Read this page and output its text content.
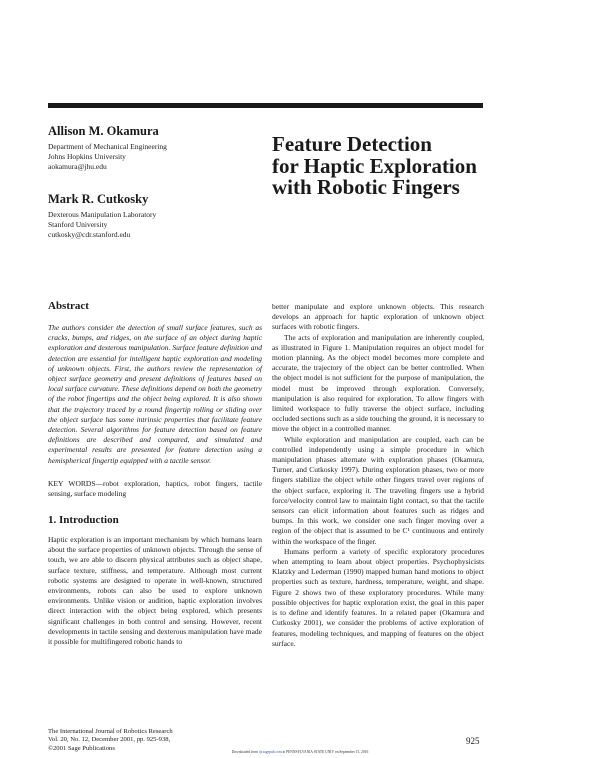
Allison M. Okamura
Department of Mechanical Engineering
Johns Hopkins University
aokamura@jhu.edu
Mark R. Cutkosky
Dexterous Manipulation Laboratory
Stanford University
cutkosky@cdr.stanford.edu
Feature Detection
for Haptic Exploration
with Robotic Fingers
Abstract
The authors consider the detection of small surface features, such as cracks, bumps, and ridges, on the surface of an object during haptic exploration and dexterous manipulation. Surface feature definition and detection are essential for intelligent haptic exploration and modeling of unknown objects. First, the authors review the representation of object surface geometry and present definitions of features based on local surface curvature. These definitions depend on both the geometry of the robot fingertips and the object being explored. It is also shown that the trajectory traced by a round fingertip rolling or sliding over the object surface has some intrinsic properties that facilitate feature detection. Several algorithms for feature detection based on feature definitions are described and compared, and simulated and experimental results are presented for feature detection using a hemispherical fingertip equipped with a tactile sensor.
KEY WORDS—robot exploration, haptics, robot fingers, tactile sensing, surface modeling
1. Introduction
Haptic exploration is an important mechanism by which humans learn about the surface properties of unknown objects. Through the sense of touch, we are able to discern physical attributes such as object shape, surface texture, stiffness, and temperature. Although most current robotic systems are designed to operate in well-known, structured environments, robots can also be used to explore unknown environments. Unlike vision or audition, haptic exploration involves direct interaction with the object being explored, which presents significant challenges in both control and sensing. However, recent developments in tactile sensing and dexterous manipulation have made it possible for multifingered robotic hands to
better manipulate and explore unknown objects. This research develops an approach for haptic exploration of unknown object surfaces with robotic fingers.
The acts of exploration and manipulation are inherently coupled, as illustrated in Figure 1. Manipulation requires an object model for motion planning. As the object model becomes more complete and accurate, the trajectory of the object can be better controlled. When the object model is not sufficient for the purpose of manipulation, the model must be improved through exploration. Conversely, manipulation is also required for exploration. To allow fingers with limited workspace to fully traverse the object surface, including occluded sections such as a side touching the ground, it is necessary to move the object in a controlled manner.
While exploration and manipulation are coupled, each can be controlled independently using a simple procedure in which manipulation phases alternate with exploration phases (Okamura, Turner, and Cutkosky 1997). During exploration phases, two or more fingers stabilize the object while other fingers travel over regions of the object surface, exploring it. The traveling fingers use a hybrid force/velocity control law to maintain light contact, so that the tactile sensors can elicit information about features such as ridges and bumps. In this work, we consider one such finger moving over a region of the object that is assumed to be C¹ continuous and entirely within the workspace of the finger.
Humans perform a variety of specific exploratory procedures when attempting to learn about object properties. Psychophysicists Klatzky and Lederman (1990) mapped human hand motions to object properties such as texture, hardness, temperature, weight, and shape. Figure 2 shows two of these exploratory procedures. While many possible objectives for haptic exploration exist, the goal in this paper is to define and identify features. In a related paper (Okamura and Cutkosky 2001), we consider the problems of active exploration of features, modeling techniques, and mapping of features on the object surface.
The International Journal of Robotics Research
Vol. 20, No. 12, December 2001, pp. 925-938,
©2001 Sage Publications
925
Downloaded from ijr.sagepub.com at PENNSYLVANIA STATE UNIV on September 15, 2016
